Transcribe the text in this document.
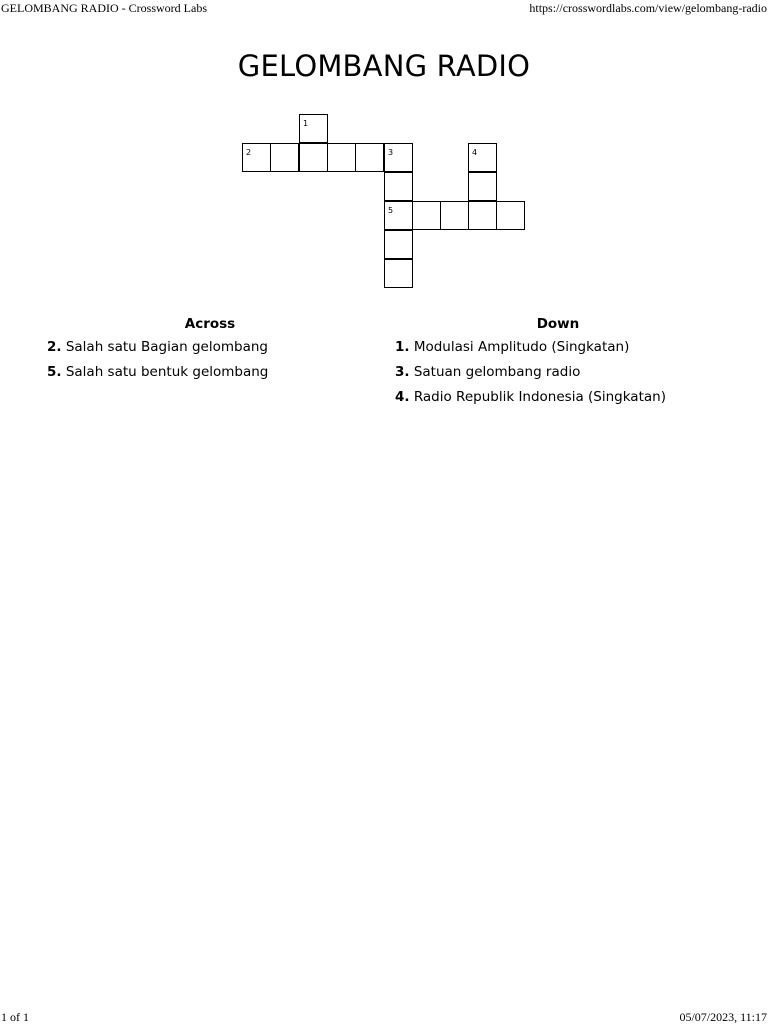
GELOMBANG RADIO - Crossword Labs	https://crosswordlabs.com/view/gelombang-radio
GELOMBANG RADIO
1
2	3	4
5
Across
2. Salah satu Bagian gelombang
5. Salah satu bentuk gelombang
Down
1. Modulasi Amplitudo (Singkatan)
3. Satuan gelombang radio
4. Radio Republik Indonesia (Singkatan)
1 of 1	05/07/2023, 11:17
